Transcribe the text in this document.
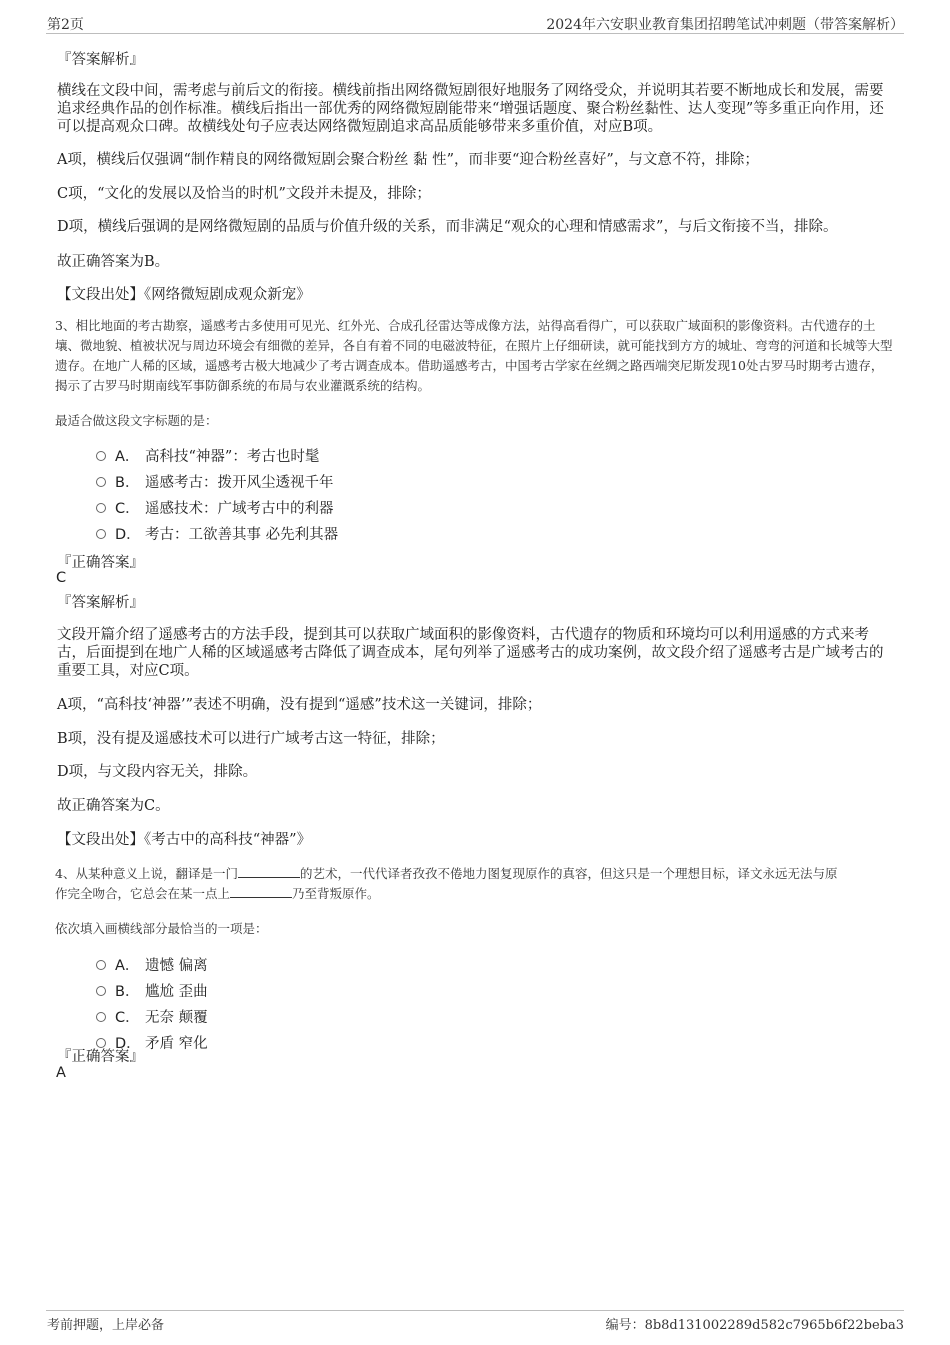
第2页	2024年六安职业教育集团招聘笔试冲刺题（带答案解析）
『答案解析』
横线在文段中间，需考虑与前后文的衔接。横线前指出网络微短剧很好地服务了网络受众，并说明其若要不断地成长和发展，需要追求经典作品的创作标准。横线后指出一部优秀的网络微短剧能带来“增强话题度、聚合粉丝黏性、达人变现”等多重正向作用，还可以提高观众口碑。故横线处句子应表达网络微短剧追求高品质能够带来多重价值，对应B项。
A项，横线后仅强调“制作精良的网络微短剧会聚合粉丝 黏 性”，而非要“迎合粉丝喜好”，与文意不符，排除；
C项，“文化的发展以及恰当的时机”文段并未提及，排除；
D项，横线后强调的是网络微短剧的品质与价值升级的关系，而非满足“观众的心理和情感需求”，与后文衔接不当，排除。
故正确答案为B。
【文段出处】《网络微短剧成观众新宠》
3、相比地面的考古勘察，遥感考古多使用可见光、红外光、合成孔径雷达等成像方法，站得高看得广，可以获取广域面积的影像资料。古代遗存的土壤、微地貌、植被状况与周边环境会有细微的差异，各自有着不同的电磁波特征，在照片上仔细研读，就可能找到方方的城址、弯弯的河道和长城等大型遗存。在地广人稀的区域，遥感考古极大地减少了考古调查成本。借助遥感考古，中国考古学家在丝绸之路西端突尼斯发现10处古罗马时期考古遗存，揭示了古罗马时期南线军事防御系统的布局与农业灌溉系统的结构。
最适合做这段文字标题的是：
A． 高科技“神器”：考古也时髦
B． 遥感考古：拨开风尘透视千年
C． 遥感技术：广域考古中的利器
D． 考古：工欲善其事 必先利其器
『正确答案』
C
『答案解析』
文段开篇介绍了遥感考古的方法手段，提到其可以获取广域面积的影像资料，古代遗存的物质和环境均可以利用遥感的方式来考古，后面提到在地广人稀的区域遥感考古降低了调查成本，尾句列举了遥感考古的成功案例，故文段介绍了遥感考古是广域考古的重要工具，对应C项。
A项，“高科技‘神器’”表述不明确，没有提到“遥感”技术这一关键词，排除；
B项，没有提及遥感技术可以进行广域考古这一特征，排除；
D项，与文段内容无关，排除。
故正确答案为C。
【文段出处】《考古中的高科技“神器”》
4、从某种意义上说，翻译是一门	的艺术，一代代译者孜孜不倦地力图复现原作的真容，但这只是一个理想目标，译文永远无法与原
作完全吻合，它总会在某一点上	乃至背叛原作。
依次填入画横线部分最恰当的一项是：
A． 遗憾 偏离
B． 尴尬 歪曲
C． 无奈 颠覆
D． 矛盾 窄化
『正确答案』
A
考前押题，上岸必备	编号：8b8d131002289d582c7965b6f22beba3
